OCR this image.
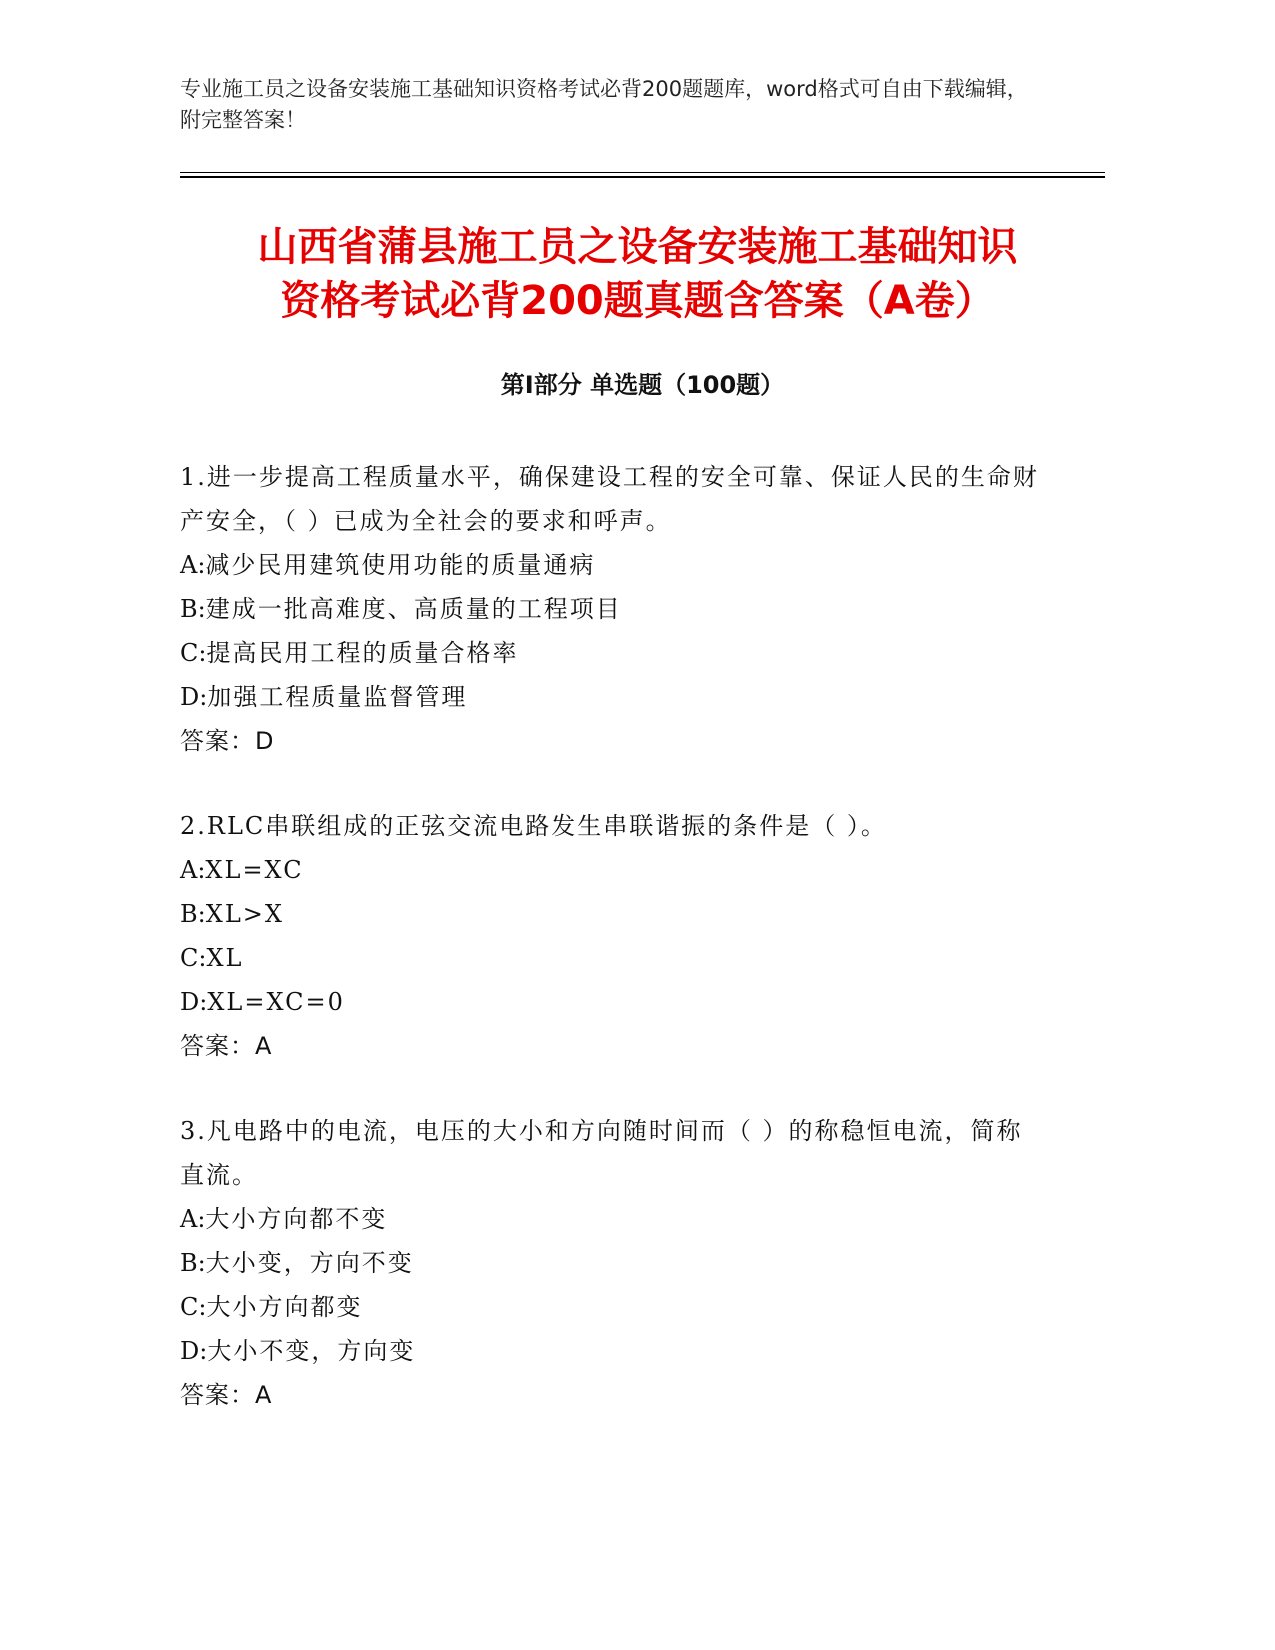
专业施工员之设备安装施工基础知识资格考试必背200题题库，word格式可自由下载编辑，附完整答案！
山西省蒲县施工员之设备安装施工基础知识
资格考试必背200题真题含答案（A卷）
第Ⅰ部分 单选题（100题）
1.进一步提高工程质量水平，确保建设工程的安全可靠、保证人民的生命财产安全，（ ）已成为全社会的要求和呼声。
A:减少民用建筑使用功能的质量通病
B:建成一批高难度、高质量的工程项目
C:提高民用工程的质量合格率
D:加强工程质量监督管理
答案：D
2.RLC串联组成的正弦交流电路发生串联谐振的条件是（ ）。
A:XL=XC
B:XL>X
C:XL
D:XL=XC=0
答案：A
3.凡电路中的电流，电压的大小和方向随时间而（ ）的称稳恒电流，简称直流。
A:大小方向都不变
B:大小变，方向不变
C:大小方向都变
D:大小不变，方向变
答案：A
